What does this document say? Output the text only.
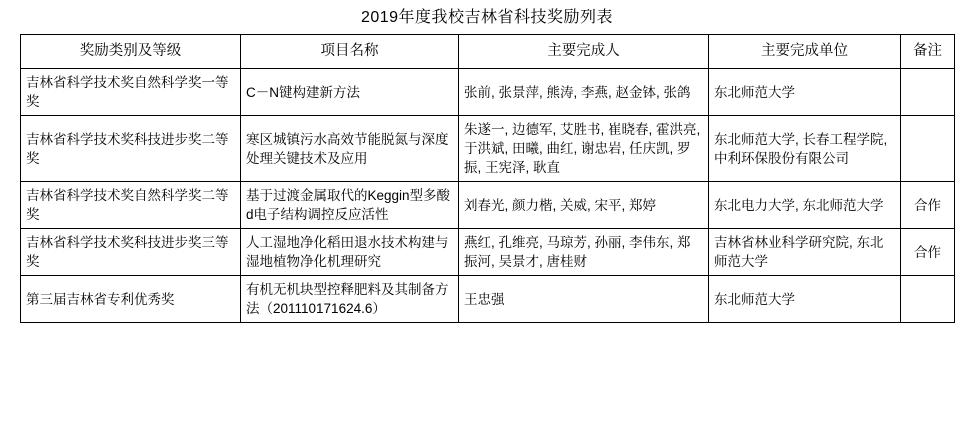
2019年度我校吉林省科技奖励列表
奖励类别及等级	项目名称	主要完成人	主要完成单位	备注
吉林省科学技术奖自然科学奖一等奖	C－N键构建新方法	张前, 张景萍, 熊涛, 李燕, 赵金钵, 张鸽	东北师范大学	
吉林省科学技术奖科技进步奖二等奖	寒区城镇污水高效节能脱氮与深度处理关键技术及应用	朱遂一, 边德军, 艾胜书, 崔晓春, 霍洪亮, 于洪斌, 田曦, 曲红, 谢忠岩, 任庆凯, 罗振, 王宪泽, 耿直	东北师范大学, 长春工程学院, 中利环保股份有限公司	
吉林省科学技术奖自然科学奖二等奖	基于过渡金属取代的Keggin型多酸d电子结构调控反应活性	刘春光, 颜力楷, 关威, 宋平, 郑婷	东北电力大学, 东北师范大学	合作
吉林省科学技术奖科技进步奖三等奖	人工湿地净化稻田退水技术构建与湿地植物净化机理研究	燕红, 孔维亮, 马琼芳, 孙丽, 李伟东, 郑振河, 吴景才, 唐桂财	吉林省林业科学研究院, 东北师范大学	合作
第三届吉林省专利优秀奖	有机无机块型控释肥料及其制备方法（201110171624.6）	王忠强	东北师范大学	
